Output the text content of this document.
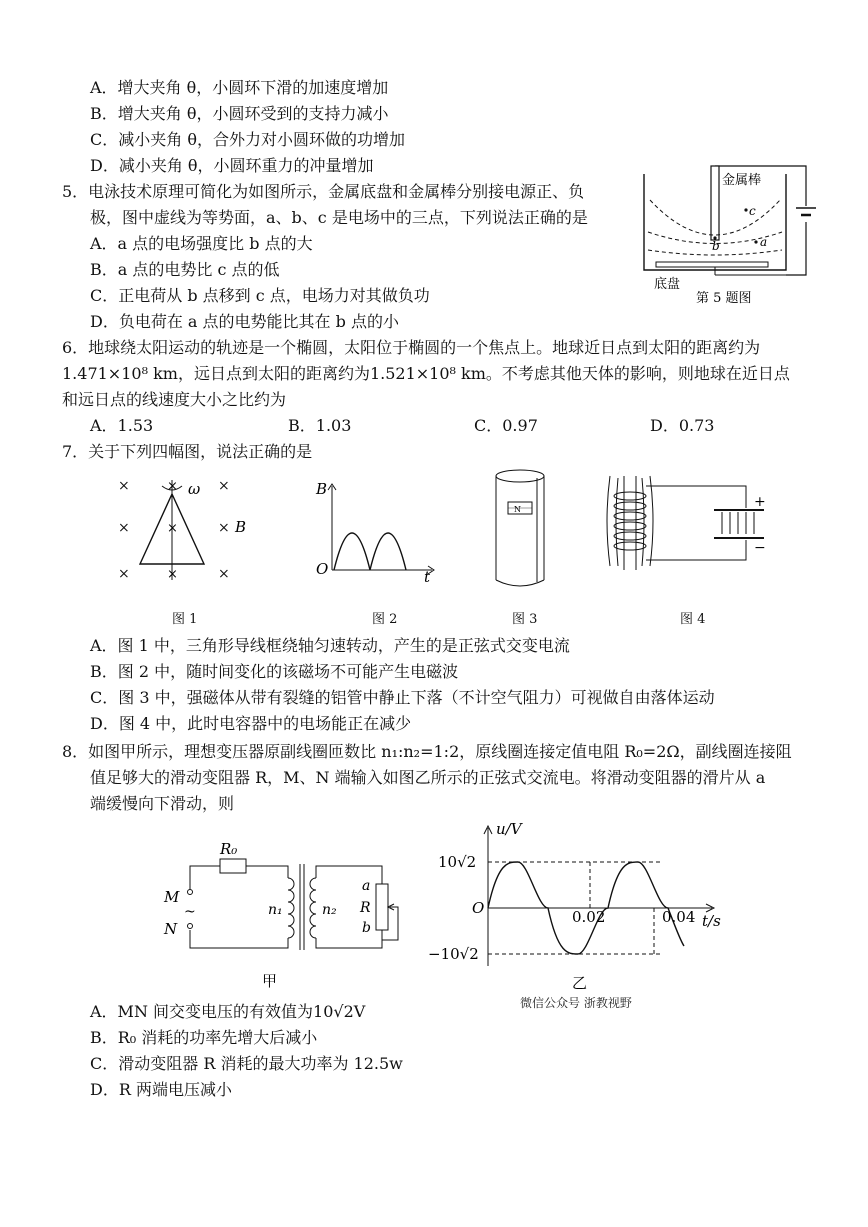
A．增大夹角 θ，小圆环下滑的加速度增加
B．增大夹角 θ，小圆环受到的支持力减小
C．减小夹角 θ，合外力对小圆环做的功增加
D．减小夹角 θ，小圆环重力的冲量增加
5．电泳技术原理可简化为如图所示，金属底盘和金属棒分别接电源正、负
极，图中虚线为等势面，a、b、c 是电场中的三点，下列说法正确的是
A．a 点的电场强度比 b 点的大
B．a 点的电势比 c 点的低
C．正电荷从 b 点移到 c 点，电场力对其做负功
D．负电荷在 a 点的电势能比其在 b 点的小
c
b	a
金属棒
底盘
第 5 题图
6．地球绕太阳运动的轨迹是一个椭圆，太阳位于椭圆的一个焦点上。地球近日点到太阳的距离约为
1.471×10⁸ km，远日点到太阳的距离约为1.521×10⁸ km。不考虑其他天体的影响，则地球在近日点
和远日点的线速度大小之比约为
A．1.53	B．1.03	C．0.97	D．0.73
7．关于下列四幅图，说法正确的是
×	×
×	×
×	×
×
×
×
ω
B
B
O	t
N	+
−
图 1	图 2	图 3	图 4
A．图 1 中，三角形导线框绕轴匀速转动，产生的是正弦式交变电流
B．图 2 中，随时间变化的该磁场不可能产生电磁波
C．图 3 中，强磁体从带有裂缝的铝管中静止下落（不计空气阻力）可视做自由落体运动
D．图 4 中，此时电容器中的电场能正在减少
8．如图甲所示，理想变压器原副线圈匝数比 n₁:n₂=1:2，原线圈连接定值电阻 R₀=2Ω，副线圈连接阻
值足够大的滑动变阻器 R，M、N 端输入如图乙所示的正弦式交流电。将滑动变阻器的滑片从 a
端缓慢向下滑动，则
R₀
M
~
N
n₁	n₂
a
R
b
甲
u/V
10√2
O
−10√2
0.02	0.04 t/s
乙
微信公众号 浙教视野
A．MN 间交变电压的有效值为10√2V
B．R₀ 消耗的功率先增大后减小
C．滑动变阻器 R 消耗的最大功率为 12.5w
D．R 两端电压减小
